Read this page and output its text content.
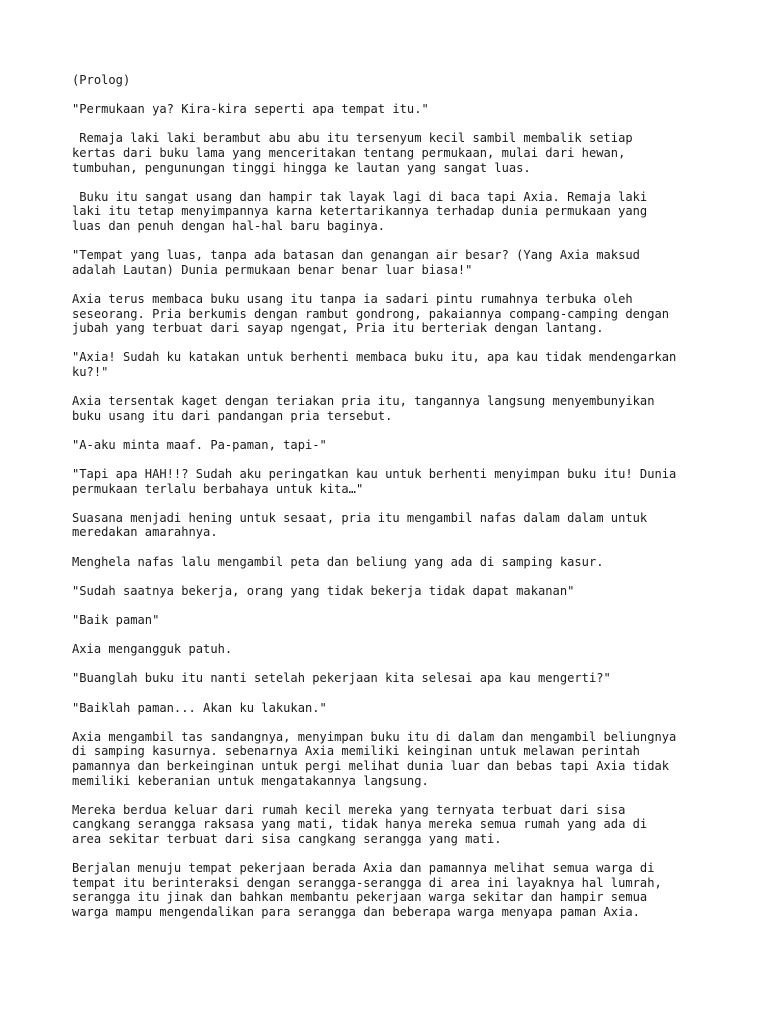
(Prolog)

"Permukaan ya? Kira-kira seperti apa tempat itu."

Remaja laki laki berambut abu abu itu tersenyum kecil sambil membalik setiap
kertas dari buku lama yang menceritakan tentang permukaan, mulai dari hewan,
tumbuhan, pengunungan tinggi hingga ke lautan yang sangat luas.

Buku itu sangat usang dan hampir tak layak lagi di baca tapi Axia. Remaja laki
laki itu tetap menyimpannya karna ketertarikannya terhadap dunia permukaan yang
luas dan penuh dengan hal-hal baru baginya.

"Tempat yang luas, tanpa ada batasan dan genangan air besar? (Yang Axia maksud
adalah Lautan) Dunia permukaan benar benar luar biasa!"

Axia terus membaca buku usang itu tanpa ia sadari pintu rumahnya terbuka oleh
seseorang. Pria berkumis dengan rambut gondrong, pakaiannya compang-camping dengan
jubah yang terbuat dari sayap ngengat, Pria itu berteriak dengan lantang.

"Axia! Sudah ku katakan untuk berhenti membaca buku itu, apa kau tidak mendengarkan
ku?!"

Axia tersentak kaget dengan teriakan pria itu, tangannya langsung menyembunyikan
buku usang itu dari pandangan pria tersebut.

"A-aku minta maaf. Pa-paman, tapi-"

"Tapi apa HAH!!? Sudah aku peringatkan kau untuk berhenti menyimpan buku itu! Dunia
permukaan terlalu berbahaya untuk kita…"

Suasana menjadi hening untuk sesaat, pria itu mengambil nafas dalam dalam untuk
meredakan amarahnya.

Menghela nafas lalu mengambil peta dan beliung yang ada di samping kasur.

"Sudah saatnya bekerja, orang yang tidak bekerja tidak dapat makanan"

"Baik paman"

Axia mengangguk patuh.

"Buanglah buku itu nanti setelah pekerjaan kita selesai apa kau mengerti?"

"Baiklah paman... Akan ku lakukan."

Axia mengambil tas sandangnya, menyimpan buku itu di dalam dan mengambil beliungnya
di samping kasurnya. sebenarnya Axia memiliki keinginan untuk melawan perintah
pamannya dan berkeinginan untuk pergi melihat dunia luar dan bebas tapi Axia tidak
memiliki keberanian untuk mengatakannya langsung.

Mereka berdua keluar dari rumah kecil mereka yang ternyata terbuat dari sisa
cangkang serangga raksasa yang mati, tidak hanya mereka semua rumah yang ada di
area sekitar terbuat dari sisa cangkang serangga yang mati.

Berjalan menuju tempat pekerjaan berada Axia dan pamannya melihat semua warga di
tempat itu berinteraksi dengan serangga-serangga di area ini layaknya hal lumrah,
serangga itu jinak dan bahkan membantu pekerjaan warga sekitar dan hampir semua
warga mampu mengendalikan para serangga dan beberapa warga menyapa paman Axia.
